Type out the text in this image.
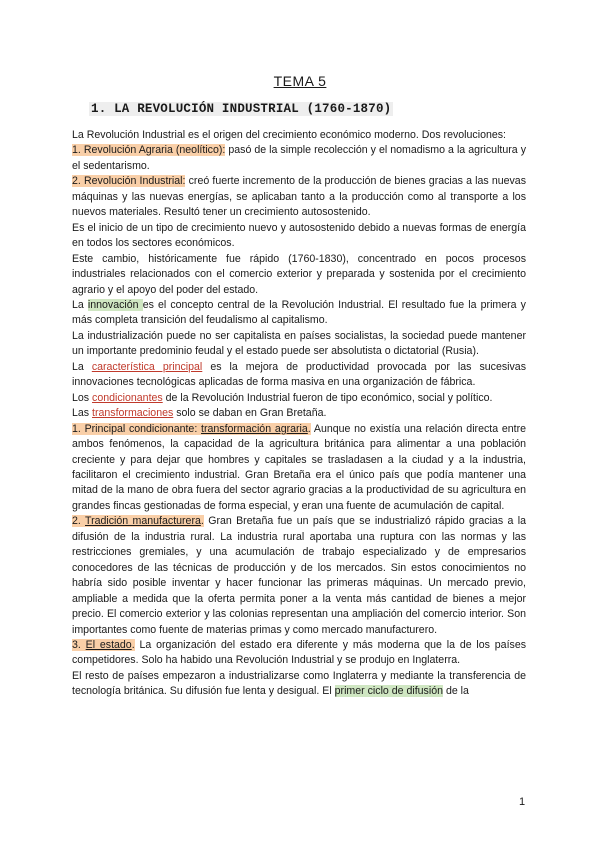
TEMA 5
1. LA REVOLUCIÓN INDUSTRIAL (1760-1870)

La Revolución Industrial es el origen del crecimiento económico moderno. Dos revoluciones:

1. Revolución Agraria (neolítico): pasó de la simple recolección y el nomadismo a la agricultura y el sedentarismo.

2. Revolución Industrial: creó fuerte incremento de la producción de bienes gracias a las nuevas máquinas y las nuevas energías, se aplicaban tanto a la producción como al transporte a los nuevos materiales. Resultó tener un crecimiento autosostenido.

Es el inicio de un tipo de crecimiento nuevo y autosostenido debido a nuevas formas de energía en todos los sectores económicos.

Este cambio, históricamente fue rápido (1760-1830), concentrado en pocos procesos industriales relacionados con el comercio exterior y preparada y sostenida por el crecimiento agrario y el apoyo del poder del estado.

La innovación es el concepto central de la Revolución Industrial. El resultado fue la primera y más completa transición del feudalismo al capitalismo.

La industrialización puede no ser capitalista en países socialistas, la sociedad puede mantener un importante predominio feudal y el estado puede ser absolutista o dictatorial (Rusia).

La característica principal es la mejora de productividad provocada por las sucesivas innovaciones tecnológicas aplicadas de forma masiva en una organización de fábrica.

Los condicionantes de la Revolución Industrial fueron de tipo económico, social y político.

Las transformaciones solo se daban en Gran Bretaña.

1. Principal condicionante: transformación agraria. Aunque no existía una relación directa entre ambos fenómenos, la capacidad de la agricultura británica para alimentar a una población creciente y para dejar que hombres y capitales se trasladasen a la ciudad y a la industria, facilitaron el crecimiento industrial. Gran Bretaña era el único país que podía mantener una mitad de la mano de obra fuera del sector agrario gracias a la productividad de su agricultura en grandes fincas gestionadas de forma especial, y eran una fuente de acumulación de capital.

2. Tradición manufacturera. Gran Bretaña fue un país que se industrializó rápido gracias a la difusión de la industria rural. La industria rural aportaba una ruptura con las normas y las restricciones gremiales, y una acumulación de trabajo especializado y de empresarios conocedores de las técnicas de producción y de los mercados. Sin estos conocimientos no habría sido posible inventar y hacer funcionar las primeras máquinas. Un mercado previo, ampliable a medida que la oferta permita poner a la venta más cantidad de bienes a mejor precio. El comercio exterior y las colonias representan una ampliación del comercio interior. Son importantes como fuente de materias primas y como mercado manufacturero.

3. El estado. La organización del estado era diferente y más moderna que la de los países competidores. Solo ha habido una Revolución Industrial y se produjo en Inglaterra.

El resto de países empezaron a industrializarse como Inglaterra y mediante la transferencia de tecnología británica. Su difusión fue lenta y desigual. El primer ciclo de difusión de la

1
